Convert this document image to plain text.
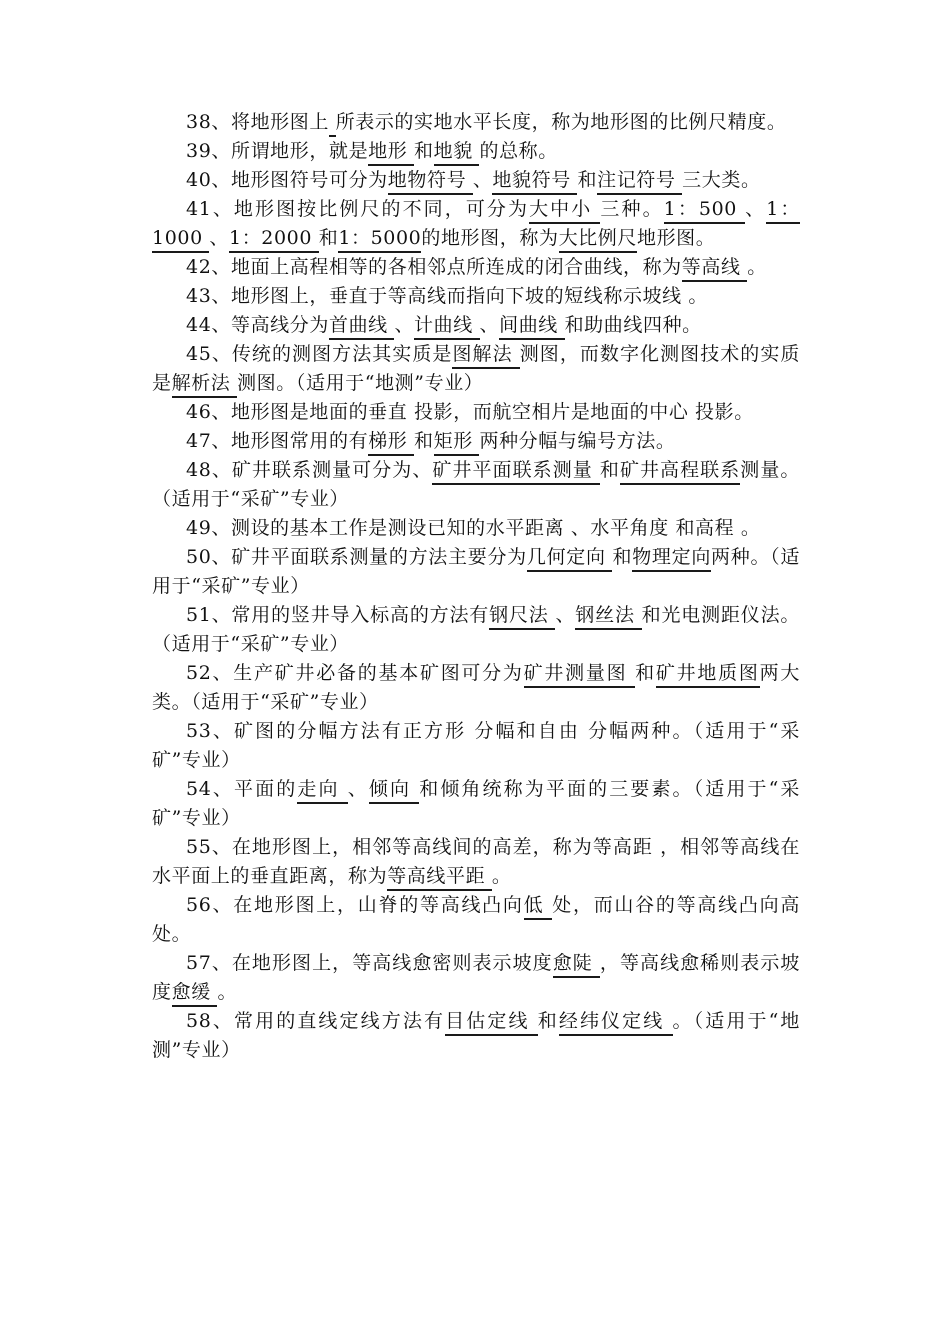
38、将地形图上 所表示的实地水平长度，称为地形图的比例尺精度。

39、所谓地形，就是地形 和地貌 的总称。

40、地形图符号可分为地物符号 、地貌符号 和注记符号 三大类。

41、地形图按比例尺的不同，可分为大中小 三种。1：500 、1：1000 、1：2000 和1：5000的地形图，称为大比例尺地形图。

42、地面上高程相等的各相邻点所连成的闭合曲线，称为等高线 。

43、地形图上，垂直于等高线而指向下坡的短线称示坡线 。

44、等高线分为首曲线 、计曲线 、间曲线 和助曲线四种。

45、传统的测图方法其实质是图解法 测图，而数字化测图技术的实质是解析法 测图。（适用于“地测”专业）

46、地形图是地面的垂直 投影，而航空相片是地面的中心 投影。

47、地形图常用的有梯形 和矩形 两种分幅与编号方法。

48、矿井联系测量可分为、矿井平面联系测量 和矿井高程联系测量。（适用于“采矿”专业）

49、测设的基本工作是测设已知的水平距离 、水平角度 和高程 。

50、矿井平面联系测量的方法主要分为几何定向 和物理定向两种。（适用于“采矿”专业）

51、常用的竖井导入标高的方法有钢尺法 、钢丝法 和光电测距仪法。（适用于“采矿”专业）

52、生产矿井必备的基本矿图可分为矿井测量图 和矿井地质图两大类。（适用于“采矿”专业）

53、矿图的分幅方法有正方形 分幅和自由 分幅两种。（适用于“采矿”专业）

54、平面的走向 、倾向 和倾角统称为平面的三要素。（适用于“采矿”专业）

55、在地形图上，相邻等高线间的高差，称为等高距 ，相邻等高线在水平面上的垂直距离，称为等高线平距 。

56、在地形图上，山脊的等高线凸向低 处，而山谷的等高线凸向高 处。

57、在地形图上，等高线愈密则表示坡度愈陡 ，等高线愈稀则表示坡度愈缓 。

58、常用的直线定线方法有目估定线 和经纬仪定线 。（适用于“地测”专业）
